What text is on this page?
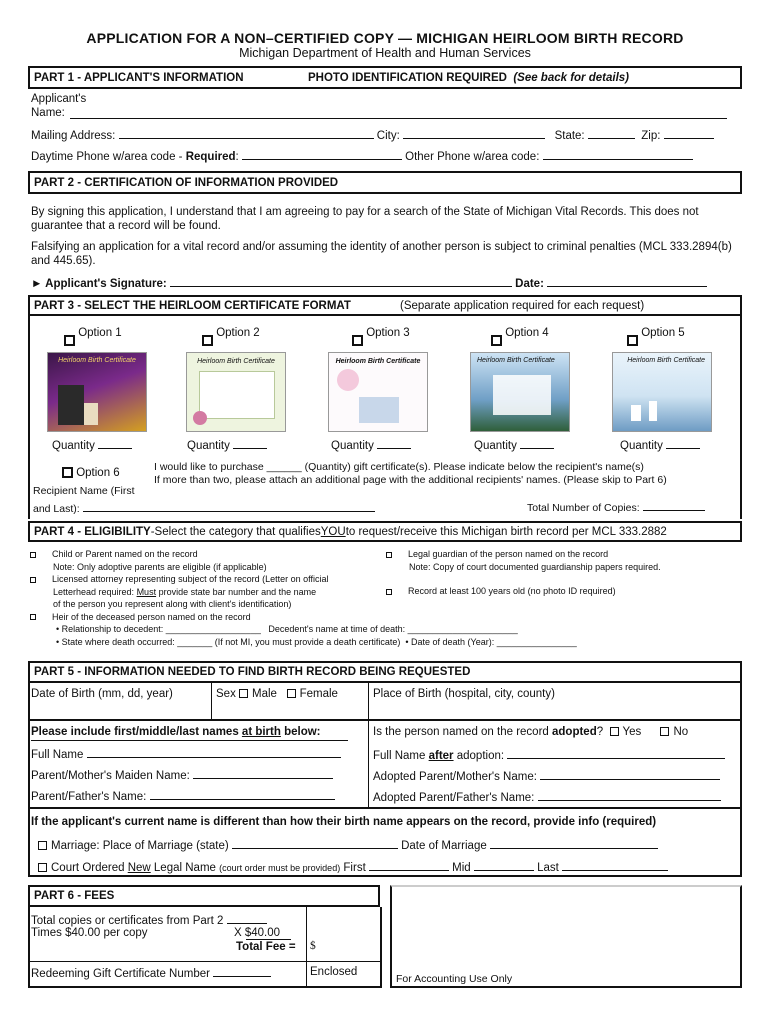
APPLICATION FOR A NON–CERTIFIED COPY — MICHIGAN HEIRLOOM BIRTH RECORD
Michigan Department of Health and Human Services
PART 1 - APPLICANT'S INFORMATION	PHOTO IDENTIFICATION REQUIRED (See back for details)
Applicant's
Name:
Mailing Address:	City:	State:	Zip:
Daytime Phone w/area code - Required:	Other Phone w/area code:
PART 2 - CERTIFICATION OF INFORMATION PROVIDED
By signing this application, I understand that I am agreeing to pay for a search of the State of Michigan Vital Records. This does not guarantee that a record will be found.
Falsifying an application for a vital record and/or assuming the identity of another person is subject to criminal penalties (MCL 333.2894(b) and 445.65).
► Applicant's Signature:	Date:
PART 3 - SELECT THE HEIRLOOM CERTIFICATE FORMAT	(Separate application required for each request)
Option 1	Option 2	Option 3	Option 4	Option 5
Heirloom Birth Certificate	Heirloom Birth Certificate	Heirloom Birth Certificate	Heirloom Birth Certificate	Heirloom Birth Certificate
Quantity	Quantity	Quantity	Quantity	Quantity
Option 6	I would like to purchase ______ (Quantity) gift certificate(s). Please indicate below the recipient's name(s)
If more than two, please attach an additional page with the additional recipients' names. (Please skip to Part 6)
Recipient Name (First
and Last):	Total Number of Copies:
PART 4 - ELIGIBILITY -Select the category that qualifies YOU to request/receive this Michigan birth record per MCL 333.2882
Child or Parent named on the record
Note: Only adoptive parents are eligible (if applicable)
Licensed attorney representing subject of the record (Letter on official
Letterhead required: Must provide state bar number and the name
of the person you represent along with client's identification)
Heir of the deceased person named on the record
• Relationship to decedent: ___________________ Decedent's name at time of death: ______________________
• State where death occurred: _______ (If not MI, you must provide a death certificate) • Date of death (Year): ________________
Legal guardian of the person named on the record
Note: Copy of court documented guardianship papers required.
Record at least 100 years old (no photo ID required)
PART 5 - INFORMATION NEEDED TO FIND BIRTH RECORD BEING REQUESTED
Date of Birth (mm, dd, year)	Sex Male Female	Place of Birth (hospital, city, county)
Please include first/middle/last names at birth below:	Is the person named on the record adopted? Yes	No
Full Name	Full Name after adoption:
Parent/Mother's Maiden Name:	Adopted Parent/Mother's Name:
Parent/Father's Name:	Adopted Parent/Father's Name:
If the applicant's current name is different than how their birth name appears on the record, provide info (required)
Marriage: Place of Marriage (state)	Date of Marriage
Court Ordered New Legal Name (court order must be provided) First	Mid	Last
PART 6 - FEES
Total copies or certificates from Part 2
Times $40.00 per copy	X $40.00
Total Fee = $
Redeeming Gift Certificate Number	Enclosed
For Accounting Use Only
